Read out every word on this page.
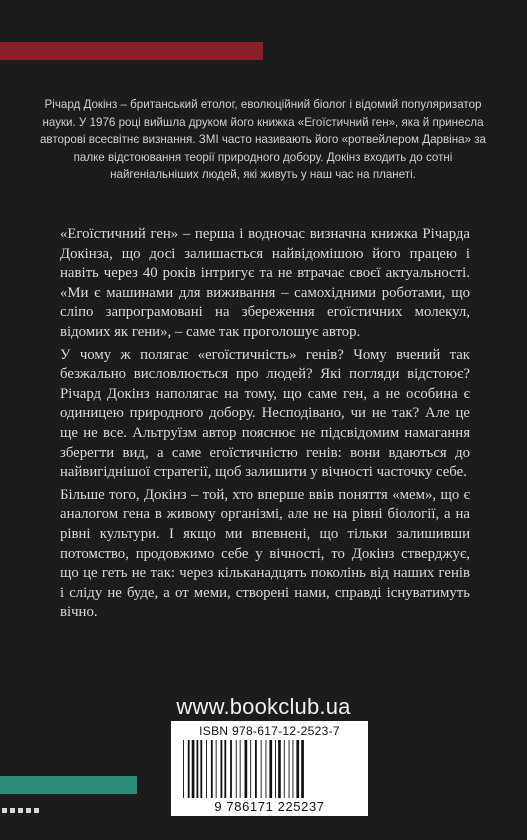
Річард Докінз – британський етолог, еволюційний біолог і відомий популяризатор науки. У 1976 році вийшла друком його книжка «Егоїстичний ген», яка й принесла авторові всесвітнє визнання. ЗМІ часто називають його «ротвейлером Дарвіна» за палке відстоювання теорії природного добору. Докінз входить до сотні найгеніальніших людей, які живуть у наш час на планеті.

«Егоїстичний ген» – перша і водночас визначна книжка Річарда Докінза, що досі залишається найвідомішою його працею і навіть через 40 років інтригує та не втрачає своєї актуальності. «Ми є машинами для виживання – самохідними роботами, що сліпо запрограмовані на збереження егоїстичних молекул, відомих як гени», – саме так проголошує автор.

У чому ж полягає «егоїстичність» генів? Чому вчений так безжально висловлюється про людей? Які погляди відстоює? Річард Докінз наполягає на тому, що саме ген, а не особина є одиницею природного добору. Несподівано, чи не так? Але це ще не все. Альтруїзм автор пояснює не підсвідомим намагання зберегти вид, а саме егоїстичністю генів: вони вдаються до найвигіднішої стратегії, щоб залишити у вічності часточку себе.

Більше того, Докінз – той, хто вперше ввів поняття «мем», що є аналогом гена в живому організмі, але не на рівні біології, а на рівні культури. І якщо ми впевнені, що тільки залишивши потомство, продовжимо себе у вічності, то Докінз стверджує, що це геть не так: через кільканадцять поколінь від наших генів і сліду не буде, а от меми, створені нами, справді існуватимуть вічно.

www.bookclub.ua
ISBN 978-617-12-2523-7
9 786171 225237
